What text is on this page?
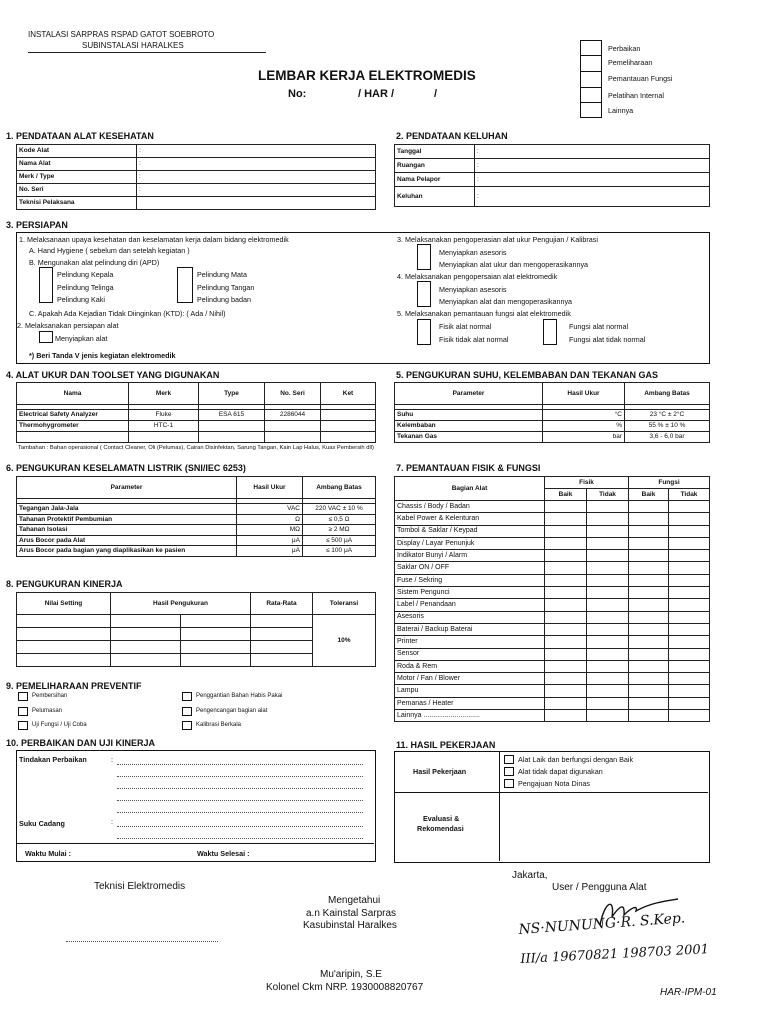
INSTALASI SARPRAS RSPAD GATOT SOEBROTO
SUBINSTALASI HARALKES
LEMBAR KERJA ELEKTROMEDIS
No:	/ HAR /	/
Perbaikan
Pemeliharaan
Pemantauan Fungsi
Pelatihan Internal
Lainnya
1. PENDATAAN ALAT KESEHATAN
Kode Alat	:
Nama Alat	:
Merk / Type	:
No. Seri	:
Teknisi Pelaksana	
2. PENDATAAN KELUHAN
Tanggal	:
Ruangan	:
Nama Pelapor	:
Keluhan	:
3. PERSIAPAN
1. Melaksanaan upaya kesehatan dan keselamatan kerja dalam bidang elektromedik
A. Hand Hygiene ( sebelum dan setelah kegiatan )
B. Mengunakan alat pelindung diri (APD)
Pelindung Kepala
Pelindung Telinga
Pelindung Kaki
Pelindung Mata
Pelindung Tangan
Pelindung badan
C. Apakah Ada Kejadian Tidak Diinginkan (KTD): ( Ada / Nihil)
2. Melaksanakan persiapan alat
Menyiapkan alat
*) Beri Tanda V jenis kegiatan elektromedik
3. Melaksanakan pengoperasian alat ukur Pengujian / Kalibrasi
Menyiapkan asesoris
Menyiapkan alat ukur dan mengoperasikannya
4. Melaksanakan pengopersaian alat elektromedik
Menyiapkan asesoris
Menyiapkan alat dan mengoperasikannya
5. Melaksanakan pemantauan fungsi alat elektromedik
Fisik alat normal
Fisik tidak alat normal
Fungsi alat normal
Fungsi alat tidak normal
4. ALAT UKUR DAN TOOLSET YANG DIGUNAKAN
Nama	Merk	Type	No. Seri	Ket

Electrical Safety Analyzer	Fluke	ESA 615	2286044	
Thermohygrometer	HTC-1			

Tambahan : Bahan operasional ( Contact Cleaner, Oli (Pelumas), Cairan Disinfektan, Sarung Tangan, Kain Lap Halus, Kuas Pembersih dll)
5. PENGUKURAN SUHU, KELEMBABAN DAN TEKANAN GAS
Parameter	Hasil Ukur	Ambang Batas

Suhu	°C	23 °C ± 2°C
Kelembaban	%	55 % ± 10 %
Tekanan Gas	bar	3,6 - 6,0 bar
6. PENGUKURAN KESELAMATN LISTRIK (SNI/IEC 6253)
Parameter	Hasil Ukur	Ambang Batas

Tegangan Jala-Jala	VAC	220 VAC ± 10 %
Tahanan Protektif Pembumian	Ω	≤ 0,5 Ω
Tahanan Isolasi	MΩ	≥ 2 MΩ
Arus Bocor pada Alat	μA	≤ 500 μA
Arus Bocor pada bagian yang diaplikasikan ke pasien	μA	≤ 100 μA
7. PEMANTAUAN FISIK & FUNGSI
Bagian Alat	Fisik		Fungsi	
	Baik	Tidak	Baik	Tidak
Chassis / Body / Badan				
Kabel Power & Kelenturan				
Tombol & Saklar / Keypad				
Display / Layar Penunjuk				
Indikator Bunyi / Alarm				
Saklar ON / OFF				
Fuse / Sekring				
Sistem Pengunci				
Label / Penandaan				
Asesoris				
Baterai / Backup Baterai				
Printer				
Sensor				
Roda & Rem				
Motor / Fan / Blower				
Lampu				
Pemanas / Heater				
Lainnya .............................				
8. PENGUKURAN KINERJA
Nilai Setting	Hasil Pengukuran		Rata-Rata	Toleransi
				10%

9. PEMELIHARAAN PREVENTIF
Pembersihan
Pelumasan
Uji Fungsi / Uji Coba
Penggantian Bahan Habis Pakai
Pengencangan bagian alat
Kalibrasi Berkala
10. PERBAIKAN DAN UJI KINERJA
Tindakan Perbaikan	:
Suku Cadang	:
Waktu Mulai :	Waktu Selesai :
11. HASIL PEKERJAAN
Hasil Pekerjaan
Evaluasi &
Rekomendasi
Alat Laik dan berfungsi dengan Baik
Alat tidak dapat digunakan
Pengajuan Nota Dinas
Teknisi Elektromedis
Mengetahui
a.n Kainstal Sarpras
Kasubinstal Haralkes
Jakarta,
User / Pengguna Alat
NS·NUNUNG·R. S.Kep.
III/a 19670821 198703 2001
Mu'aripin, S.E
Kolonel Ckm NRP. 1930008820767	HAR-IPM-01
